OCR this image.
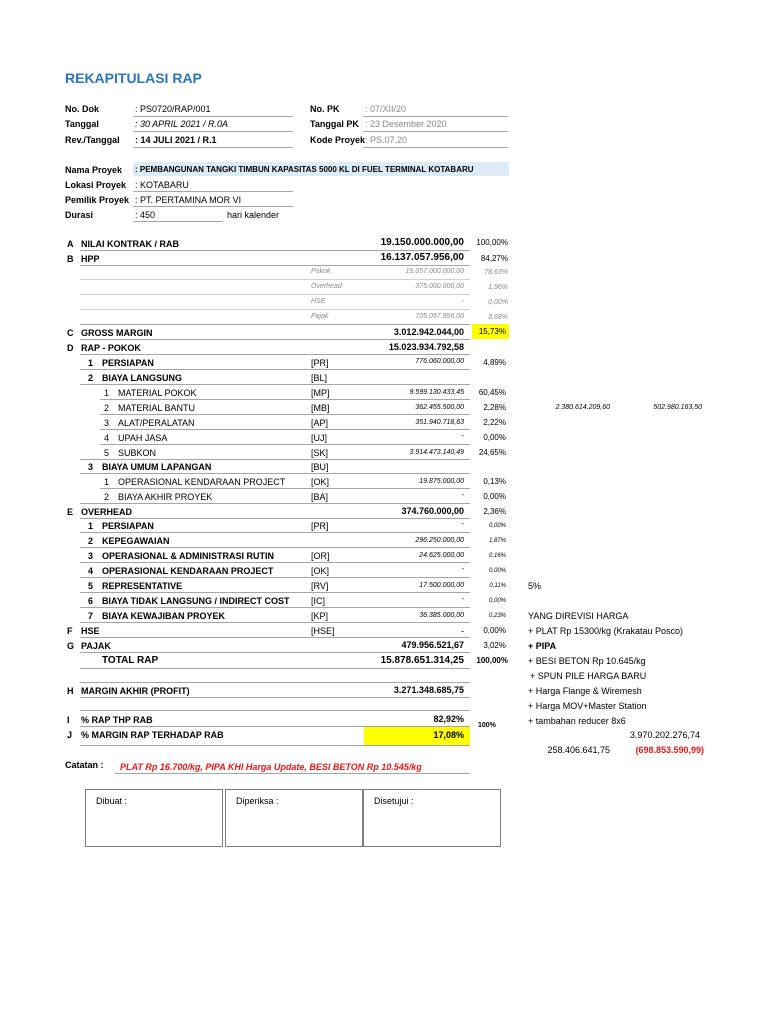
REKAPITULASI RAP
No. Dok	: PS0720/RAP/001
Tanggal	: 30 APRIL 2021 / R.0A
Rev./Tanggal : 14 JULI 2021 / R.1
No. PK	: 07/XII/20
Tanggal PK : 23 Desember 2020
Kode Proyek : PS.07.20
Nama Proyek : PEMBANGUNAN TANGKI TIMBUN KAPASITAS 5000 KL DI FUEL TERMINAL KOTABARU
Lokasi Proyek : KOTABARU
Pemilik Proyek : PT. PERTAMINA MOR VI
Durasi	: 450	hari kalender
A NILAI KONTRAK / RAB	19.150.000.000,00	100,00%
B HPP	16.137.057.956,00	84,27%
Pokok	15.057.000.000,00	78,63%
Overhead	375.000.000,00	1,96%
HSE	-	0,00%
Pajak	705.057.956,00	3,68%
C GROSS MARGIN	3.012.942.044,00	15,73%
D RAP - POKOK	15.023.934.792,58
1 PERSIAPAN	[PR]	776.060.000,00	4,89%
2 BIAYA LANGSUNG	[BL]
1 MATERIAL POKOK	[MP]	9.599.130.433,45	60,45%
2 MATERIAL BANTU	[MB]	362.455.500,00	2,28%	2.380.614.209,60	502.980.163,50
3 ALAT/PERALATAN	[AP]	351.940.718,63	2,22%
4 UPAH JASA	[UJ]	-	0,00%
5 SUBKON	[SK]	3.914.473.140,49	24,65%
3 BIAYA UMUM LAPANGAN	[BU]
1 OPERASIONAL KENDARAAN PROJECT	[OK]	19.875.000,00	0,13%
2 BIAYA AKHIR PROYEK	[BA]	-	0,00%
E OVERHEAD	374.760.000,00	2,36%
1 PERSIAPAN	[PR]	-	0,00%
2 KEPEGAWAIAN	296.250.000,00	1,87%
3 OPERASIONAL & ADMINISTRASI RUTIN	[OR]	24.625.000,00	0,16%
4 OPERASIONAL KENDARAAN PROJECT	[OK]	-	0,00%
5 REPRESENTATIVE	[RV]	17.500.000,00	0,11% 5%
6 BIAYA TIDAK LANGSUNG / INDIRECT COST [IC]	-	0,00%
7 BIAYA KEWAJIBAN PROYEK	[KP]	36.385.000,00	0,23%
F HSE	[HSE]	-	0,00%
G PAJAK	479.956.521,67	3,02%
TOTAL RAP	15.878.651.314,25	100,00%
H MARGIN AKHIR (PROFIT)	3.271.348.685,75
I % RAP THP RAB	82,92%
J % MARGIN RAP TERHADAP RAB	17,08%
100%
YANG DIREVISI HARGA
+ PLAT Rp 15300/kg (Krakatau Posco)
+ PIPA
+ BESI BETON Rp 10.645/kg
+ SPUN PILE HARGA BARU
+ Harga Flange & Wiremesh
+ Harga MOV+Master Station
+ tambahan reducer 8x6
3.970.202.276,74
258.406.641,75	(698.853.590,99)
Catatan : PLAT Rp 16.700/kg, PIPA KHI Harga Update, BESI BETON Rp 10.545/kg
Dibuat :	Diperiksa :	Disetujui :
